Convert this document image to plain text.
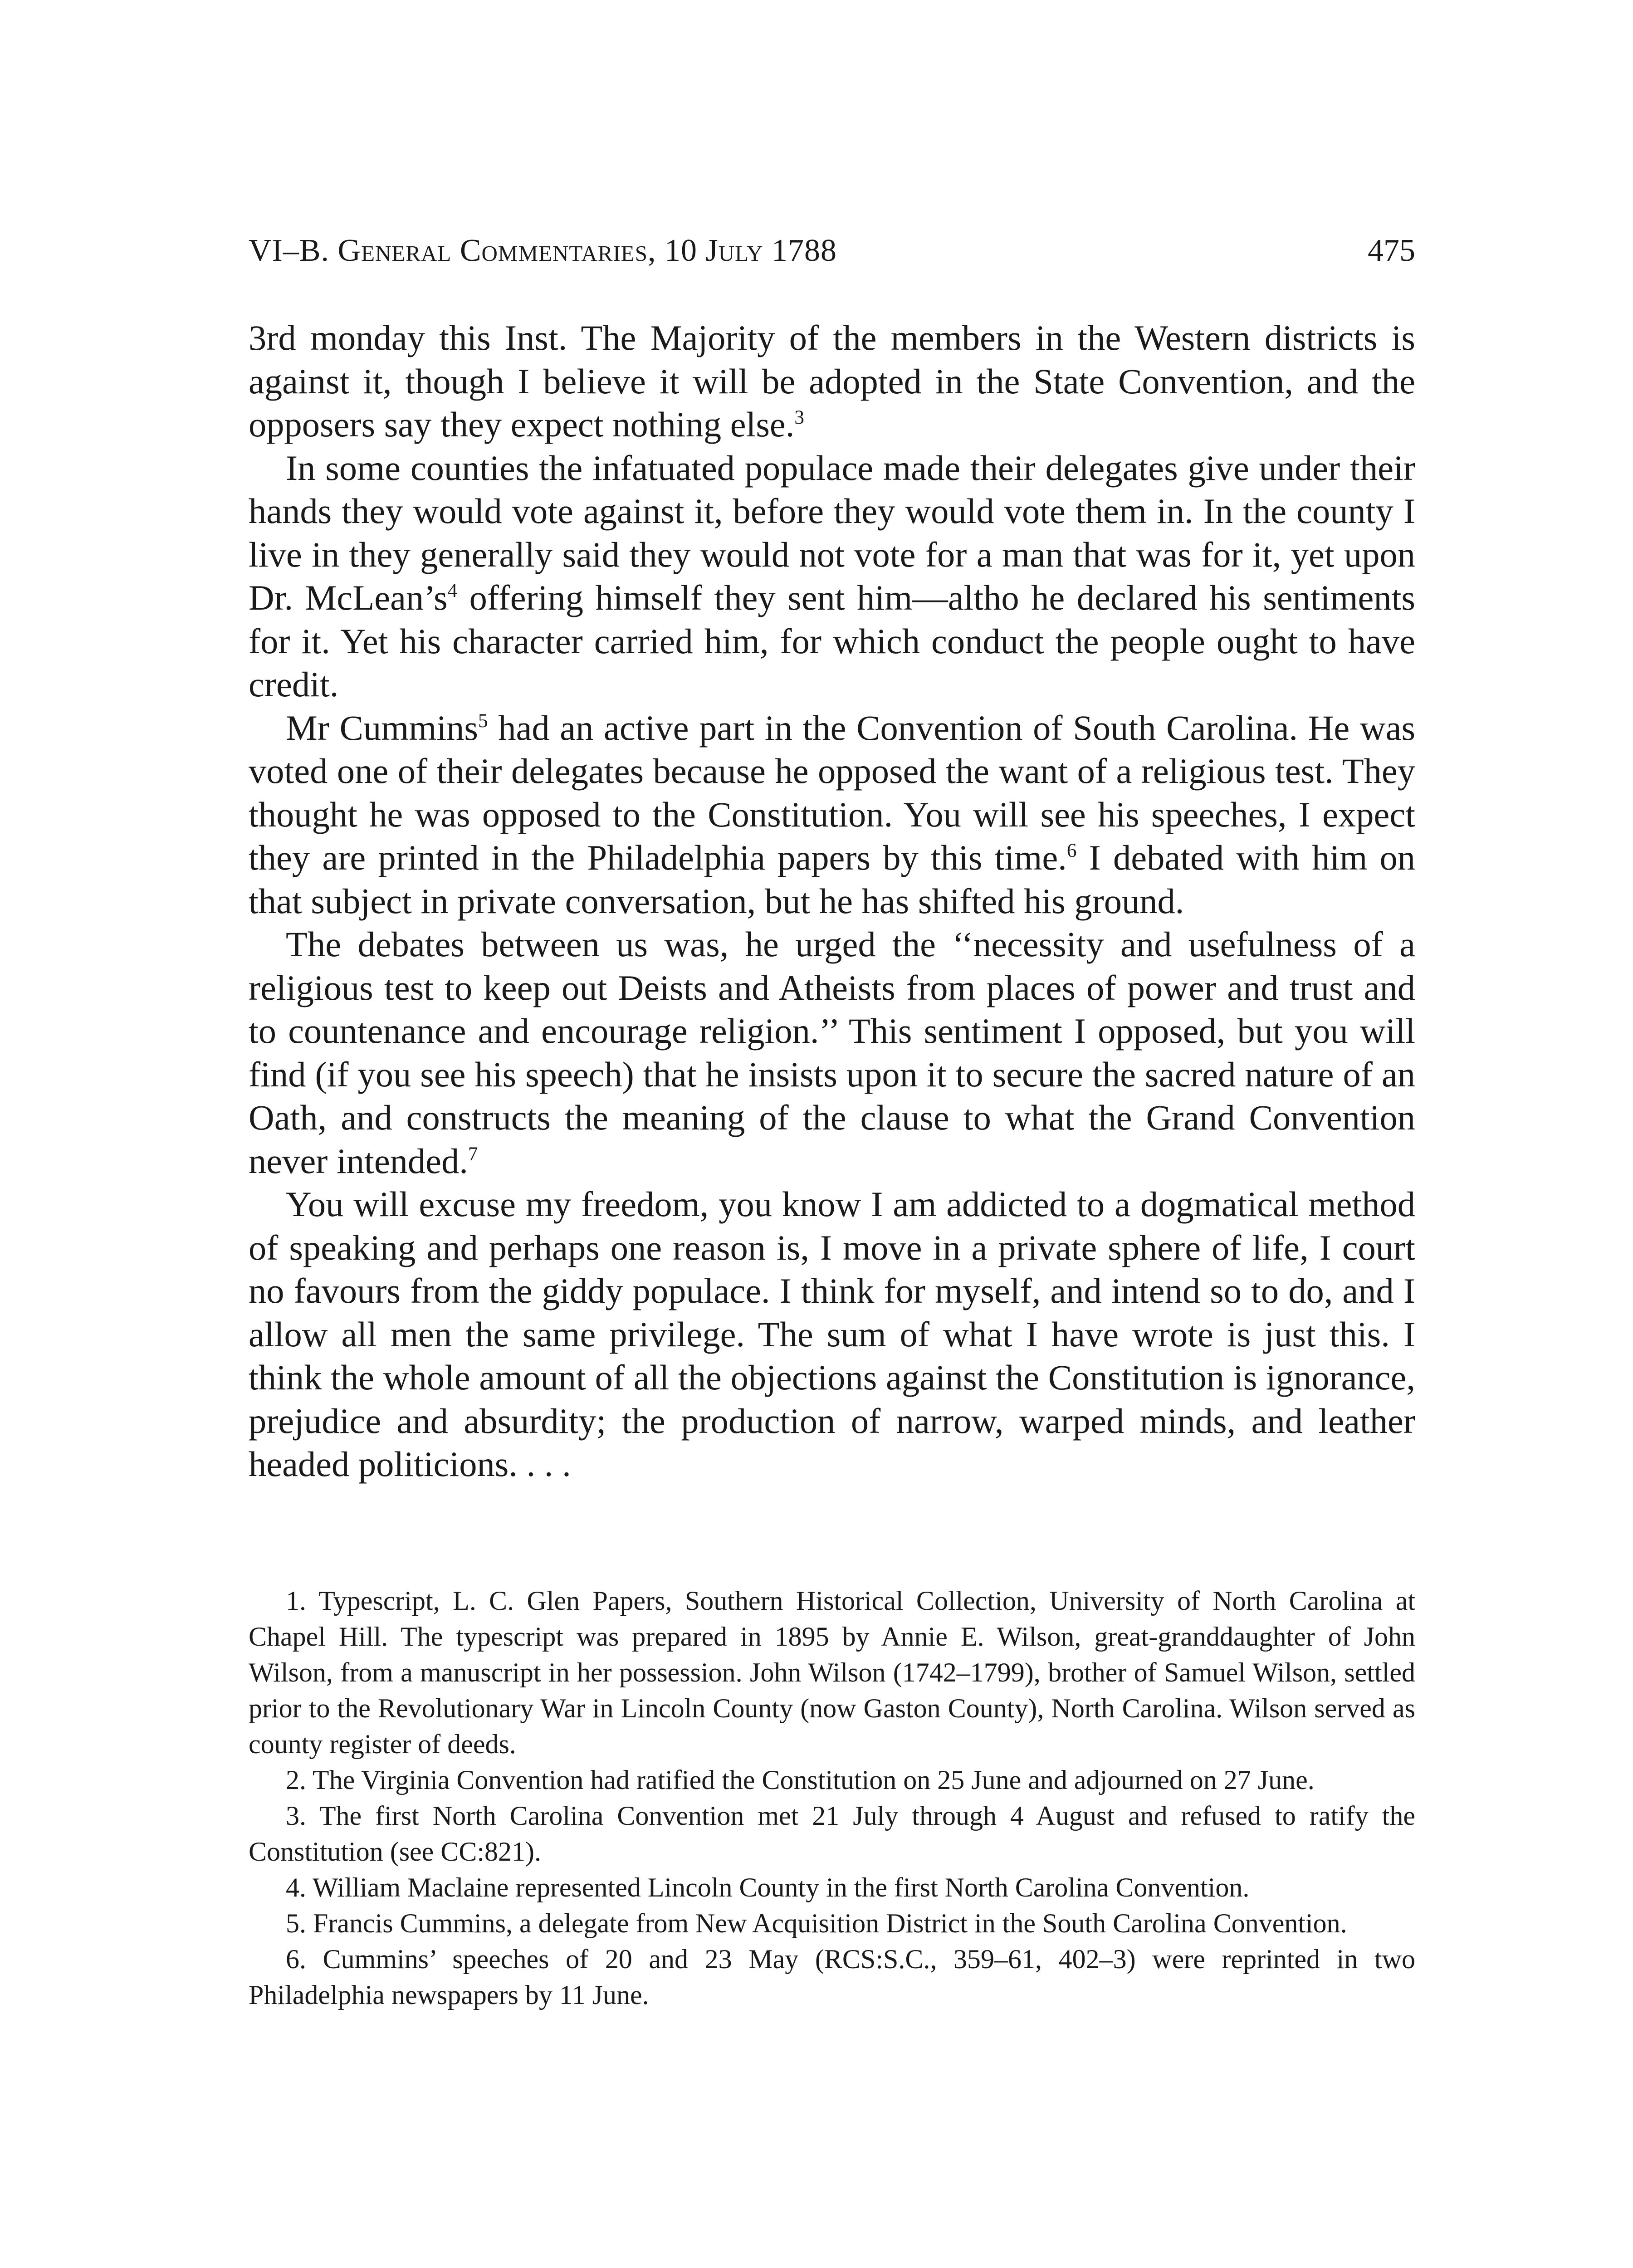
VI–B. General Commentaries, 10 July 1788	475

3rd monday this Inst. The Majority of the members in the Western districts is against it, though I believe it will be adopted in the State Convention, and the opposers say they expect nothing else.$^3$

In some counties the infatuated populace made their delegates give under their hands they would vote against it, before they would vote them in. In the county I live in they generally said they would not vote for a man that was for it, yet upon Dr. McLean’s$^4$ offering himself they sent him—altho he declared his sentiments for it. Yet his character carried him, for which conduct the people ought to have credit.

Mr Cummins$^5$ had an active part in the Convention of South Carolina. He was voted one of their delegates because he opposed the want of a religious test. They thought he was opposed to the Constitution. You will see his speeches, I expect they are printed in the Philadelphia papers by this time.$^6$ I debated with him on that subject in private conversation, but he has shifted his ground.

The debates between us was, he urged the ‘‘necessity and usefulness of a religious test to keep out Deists and Atheists from places of power and trust and to countenance and encourage religion.’’ This sentiment I opposed, but you will find (if you see his speech) that he insists upon it to secure the sacred nature of an Oath, and constructs the meaning of the clause to what the Grand Convention never intended.$^7$

You will excuse my freedom, you know I am addicted to a dogmatical method of speaking and perhaps one reason is, I move in a private sphere of life, I court no favours from the giddy populace. I think for myself, and intend so to do, and I allow all men the same privilege. The sum of what I have wrote is just this. I think the whole amount of all the objections against the Constitution is ignorance, prejudice and absurdity; the production of narrow, warped minds, and leather headed politicions. . . .

1. Typescript, L. C. Glen Papers, Southern Historical Collection, University of North Carolina at Chapel Hill. The typescript was prepared in 1895 by Annie E. Wilson, great-granddaughter of John Wilson, from a manuscript in her possession. John Wilson (1742–1799), brother of Samuel Wilson, settled prior to the Revolutionary War in Lincoln County (now Gaston County), North Carolina. Wilson served as county register of deeds.

2. The Virginia Convention had ratified the Constitution on 25 June and adjourned on 27 June.

3. The first North Carolina Convention met 21 July through 4 August and refused to ratify the Constitution (see CC:821).

4. William Maclaine represented Lincoln County in the first North Carolina Convention.

5. Francis Cummins, a delegate from New Acquisition District in the South Carolina Convention.

6. Cummins’ speeches of 20 and 23 May (RCS:S.C., 359–61, 402–3) were reprinted in two Philadelphia newspapers by 11 June.
